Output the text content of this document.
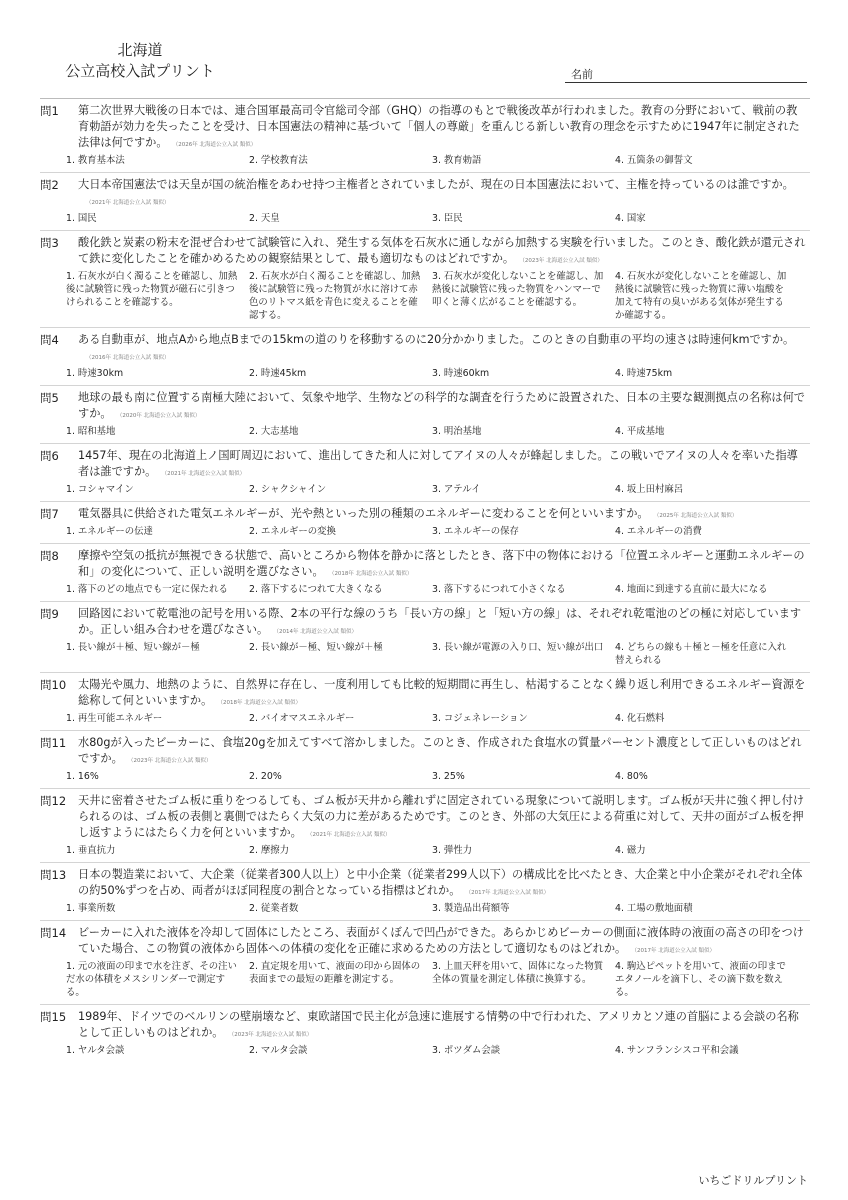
北海道
公立高校入試プリント	名前
問1	第二次世界大戦後の日本では、連合国軍最高司令官総司令部（GHQ）の指導のもとで戦後改革が行われました。教育の分野において、戦前の教育勅語が効力を失ったことを受け、日本国憲法の精神に基づいて「個人の尊厳」を重んじる新しい教育の理念を示すために1947年に制定された法律は何ですか。 （2026年 北海道公立入試 類似）
1. 教育基本法	2. 学校教育法	3. 教育勅語	4. 五箇条の御誓文
問2	大日本帝国憲法では天皇が国の統治権をあわせ持つ主権者とされていましたが、現在の日本国憲法において、主権を持っているのは誰ですか。（2021年 北海道公立入試 類似）
1. 国民	2. 天皇	3. 臣民	4. 国家
問3	酸化鉄と炭素の粉末を混ぜ合わせて試験管に入れ、発生する気体を石灰水に通しながら加熱する実験を行いました。このとき、酸化鉄が還元されて鉄に変化したことを確かめるための観察結果として、最も適切なものはどれですか。 （2023年 北海道公立入試 類似）
1. 石灰水が白く濁ることを確認し、加熱後に試験管に残った物質が磁石に引きつけられることを確認する。
2. 石灰水が白く濁ることを確認し、加熱後に試験管に残った物質が水に溶けて赤色のリトマス紙を青色に変えることを確認する。
3. 石灰水が変化しないことを確認し、加熱後に試験管に残った物質をハンマーで叩くと薄く広がることを確認する。
4. 石灰水が変化しないことを確認し、加熱後に試験管に残った物質に薄い塩酸を加えて特有の臭いがある気体が発生するか確認する。
問4	ある自動車が、地点Aから地点Bまでの15kmの道のりを移動するのに20分かかりました。このときの自動車の平均の速さは時速何kmですか。（2016年 北海道公立入試 類似）
1. 時速30km	2. 時速45km	3. 時速60km	4. 時速75km
問5	地球の最も南に位置する南極大陸において、気象や地学、生物などの科学的な調査を行うために設置された、日本の主要な観測拠点の名称は何ですか。 （2020年 北海道公立入試 類似）
1. 昭和基地	2. 大志基地	3. 明治基地	4. 平成基地
問6	1457年、現在の北海道上ノ国町周辺において、進出してきた和人に対してアイヌの人々が蜂起しました。この戦いでアイヌの人々を率いた指導者は誰ですか。 （2021年 北海道公立入試 類似）
1. コシャマイン	2. シャクシャイン	3. アテルイ	4. 坂上田村麻呂
問7	電気器具に供給された電気エネルギーが、光や熱といった別の種類のエネルギーに変わることを何といいますか。 （2025年 北海道公立入試 類似）
1. エネルギーの伝達	2. エネルギーの変換	3. エネルギーの保存	4. エネルギーの消費
問8	摩擦や空気の抵抗が無視できる状態で、高いところから物体を静かに落としたとき、落下中の物体における「位置エネルギーと運動エネルギーの和」の変化について、正しい説明を選びなさい。 （2018年 北海道公立入試 類似）
1. 落下のどの地点でも一定に保たれる	2. 落下するにつれて大きくなる	3. 落下するにつれて小さくなる	4. 地面に到達する直前に最大になる
問9	回路図において乾電池の記号を用いる際、2本の平行な線のうち「長い方の線」と「短い方の線」は、それぞれ乾電池のどの極に対応していますか。正しい組み合わせを選びなさい。 （2014年 北海道公立入試 類似）
1. 長い線が＋極、短い線が－極	2. 長い線が－極、短い線が＋極	3. 長い線が電源の入り口、短い線が出口	4. どちらの線も＋極と－極を任意に入れ替えられる
問10	太陽光や風力、地熱のように、自然界に存在し、一度利用しても比較的短期間に再生し、枯渇することなく繰り返し利用できるエネルギー資源を総称して何といいますか。 （2018年 北海道公立入試 類似）
1. 再生可能エネルギー	2. バイオマスエネルギー	3. コジェネレーション	4. 化石燃料
問11	水80gが入ったビーカーに、食塩20gを加えてすべて溶かしました。このとき、作成された食塩水の質量パーセント濃度として正しいものはどれですか。 （2023年 北海道公立入試 類似）
1. 16%	2. 20%	3. 25%	4. 80%
問12	天井に密着させたゴム板に重りをつるしても、ゴム板が天井から離れずに固定されている現象について説明します。ゴム板が天井に強く押し付けられるのは、ゴム板の表側と裏側ではたらく大気の力に差があるためです。このとき、外部の大気圧による荷重に対して、天井の面がゴム板を押し返すようにはたらく力を何といいますか。 （2021年 北海道公立入試 類似）
1. 垂直抗力	2. 摩擦力	3. 弾性力	4. 磁力
問13	日本の製造業において、大企業（従業者300人以上）と中小企業（従業者299人以下）の構成比を比べたとき、大企業と中小企業がそれぞれ全体の約50%ずつを占め、両者がほぼ同程度の割合となっている指標はどれか。 （2017年 北海道公立入試 類似）
1. 事業所数	2. 従業者数	3. 製造品出荷額等	4. 工場の敷地面積
問14	ビーカーに入れた液体を冷却して固体にしたところ、表面がくぼんで凹凸ができた。あらかじめビーカーの側面に液体時の液面の高さの印をつけていた場合、この物質の液体から固体への体積の変化を正確に求めるための方法として適切なものはどれか。 （2017年 北海道公立入試 類似）
1. 元の液面の印まで水を注ぎ、その注いだ水の体積をメスシリンダーで測定する。
2. 直定規を用いて、液面の印から固体の表面までの最短の距離を測定する。
3. 上皿天秤を用いて、固体になった物質全体の質量を測定し体積に換算する。
4. 駒込ピペットを用いて、液面の印までエタノールを滴下し、その滴下数を数える。
問15	1989年、ドイツでのベルリンの壁崩壊など、東欧諸国で民主化が急速に進展する情勢の中で行われた、アメリカとソ連の首脳による会談の名称として正しいものはどれか。 （2023年 北海道公立入試 類似）
1. ヤルタ会談	2. マルタ会談	3. ポツダム会談	4. サンフランシスコ平和会議
いちごドリルプリント
